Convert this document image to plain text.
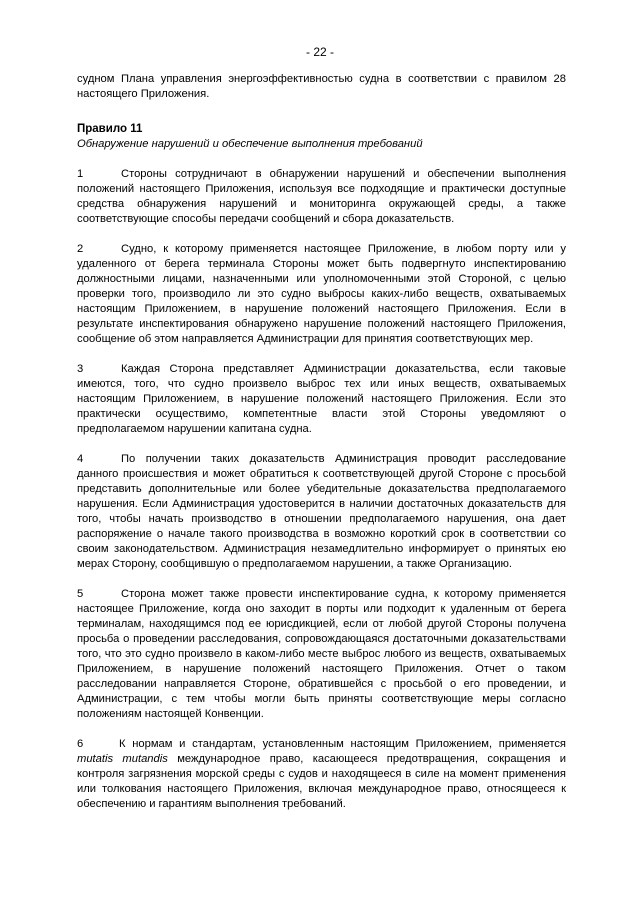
- 22 -

судном Плана управления энергоэффективностью судна в соответствии с правилом 28 настоящего Приложения.

Правило 11

Обнаружение нарушений и обеспечение выполнения требований

1	Стороны сотрудничают в обнаружении нарушений и обеспечении выполнения положений настоящего Приложения, используя все подходящие и практически доступные средства обнаружения нарушений и мониторинга окружающей среды, а также соответствующие способы передачи сообщений и сбора доказательств.

2	Судно, к которому применяется настоящее Приложение, в любом порту или у удаленного от берега терминала Стороны может быть подвергнуто инспектированию должностными лицами, назначенными или уполномоченными этой Стороной, с целью проверки того, производило ли это судно выбросы каких-либо веществ, охватываемых настоящим Приложением, в нарушение положений настоящего Приложения. Если в результате инспектирования обнаружено нарушение положений настоящего Приложения, сообщение об этом направляется Администрации для принятия соответствующих мер.

3	Каждая Сторона представляет Администрации доказательства, если таковые имеются, того, что судно произвело выброс тех или иных веществ, охватываемых настоящим Приложением, в нарушение положений настоящего Приложения. Если это практически осуществимо, компетентные власти этой Стороны уведомляют о предполагаемом нарушении капитана судна.

4	По получении таких доказательств Администрация проводит расследование данного происшествия и может обратиться к соответствующей другой Стороне с просьбой представить дополнительные или более убедительные доказательства предполагаемого нарушения. Если Администрация удостоверится в наличии достаточных доказательств для того, чтобы начать производство в отношении предполагаемого нарушения, она дает распоряжение о начале такого производства в возможно короткий срок в соответствии со своим законодательством. Администрация незамедлительно информирует о принятых ею мерах Сторону, сообщившую о предполагаемом нарушении, а также Организацию.

5	Сторона может также провести инспектирование судна, к которому применяется настоящее Приложение, когда оно заходит в порты или подходит к удаленным от берега терминалам, находящимся под ее юрисдикцией, если от любой другой Стороны получена просьба о проведении расследования, сопровождающаяся достаточными доказательствами того, что это судно произвело в каком-либо месте выброс любого из веществ, охватываемых Приложением, в нарушение положений настоящего Приложения. Отчет о таком расследовании направляется Стороне, обратившейся с просьбой о его проведении, и Администрации, с тем чтобы могли быть приняты соответствующие меры согласно положениям настоящей Конвенции.

6	К нормам и стандартам, установленным настоящим Приложением, применяется mutatis mutandis международное право, касающееся предотвращения, сокращения и контроля загрязнения морской среды с судов и находящееся в силе на момент применения или толкования настоящего Приложения, включая международное право, относящееся к обеспечению и гарантиям выполнения требований.
